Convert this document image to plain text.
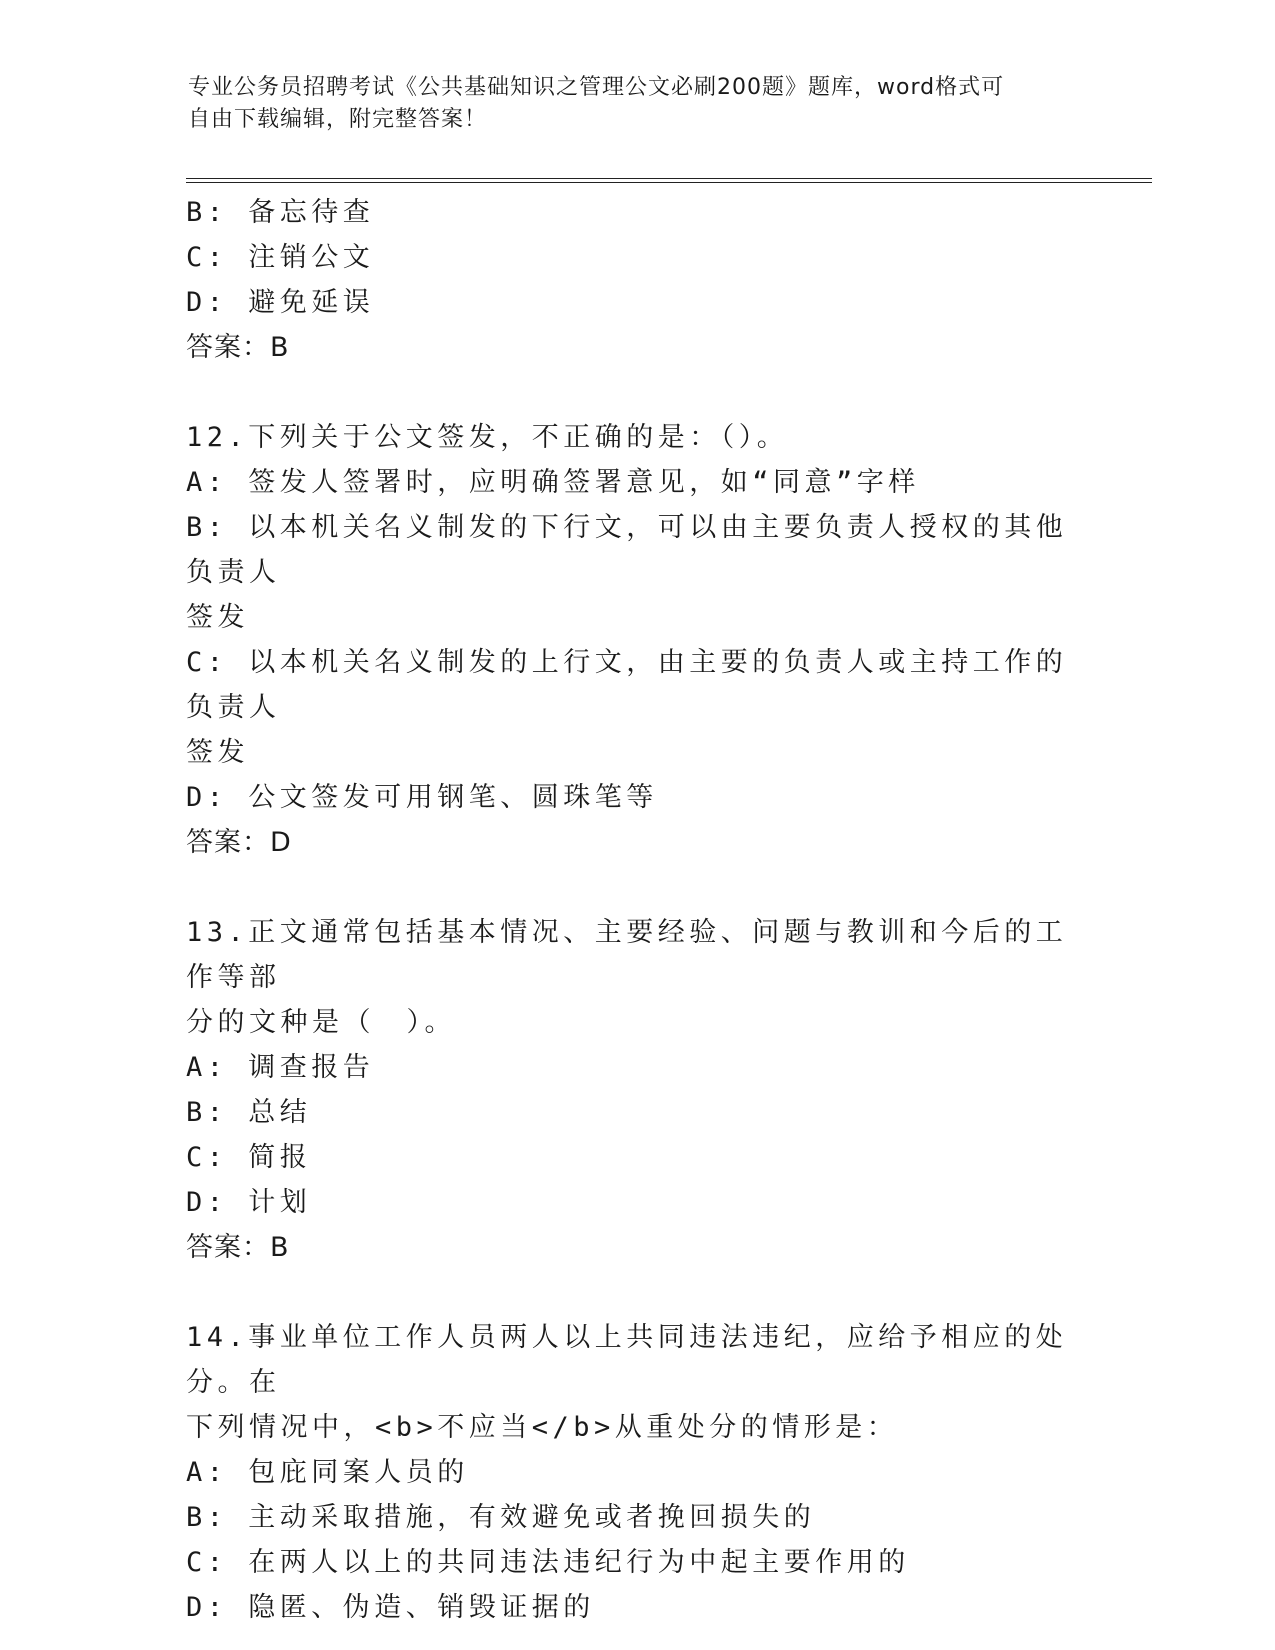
专业公务员招聘考试《公共基础知识之管理公文必刷200题》题库，word格式可
自由下载编辑，附完整答案！
B: 备忘待查
C: 注销公文
D: 避免延误
答案：B
12.下列关于公文签发，不正确的是：（）。
A: 签发人签署时，应明确签署意见，如“同意”字样
B: 以本机关名义制发的下行文，可以由主要负责人授权的其他负责人
签发
C: 以本机关名义制发的上行文，由主要的负责人或主持工作的负责人
签发
D: 公文签发可用钢笔、圆珠笔等
答案：D
13.正文通常包括基本情况、主要经验、问题与教训和今后的工作等部
分的文种是（　）。
A: 调查报告
B: 总结
C: 简报
D: 计划
答案：B
14.事业单位工作人员两人以上共同违法违纪，应给予相应的处分。在
下列情况中，<b>不应当</b>从重处分的情形是：
A: 包庇同案人员的
B: 主动采取措施，有效避免或者挽回损失的
C: 在两人以上的共同违法违纪行为中起主要作用的
D: 隐匿、伪造、销毁证据的
